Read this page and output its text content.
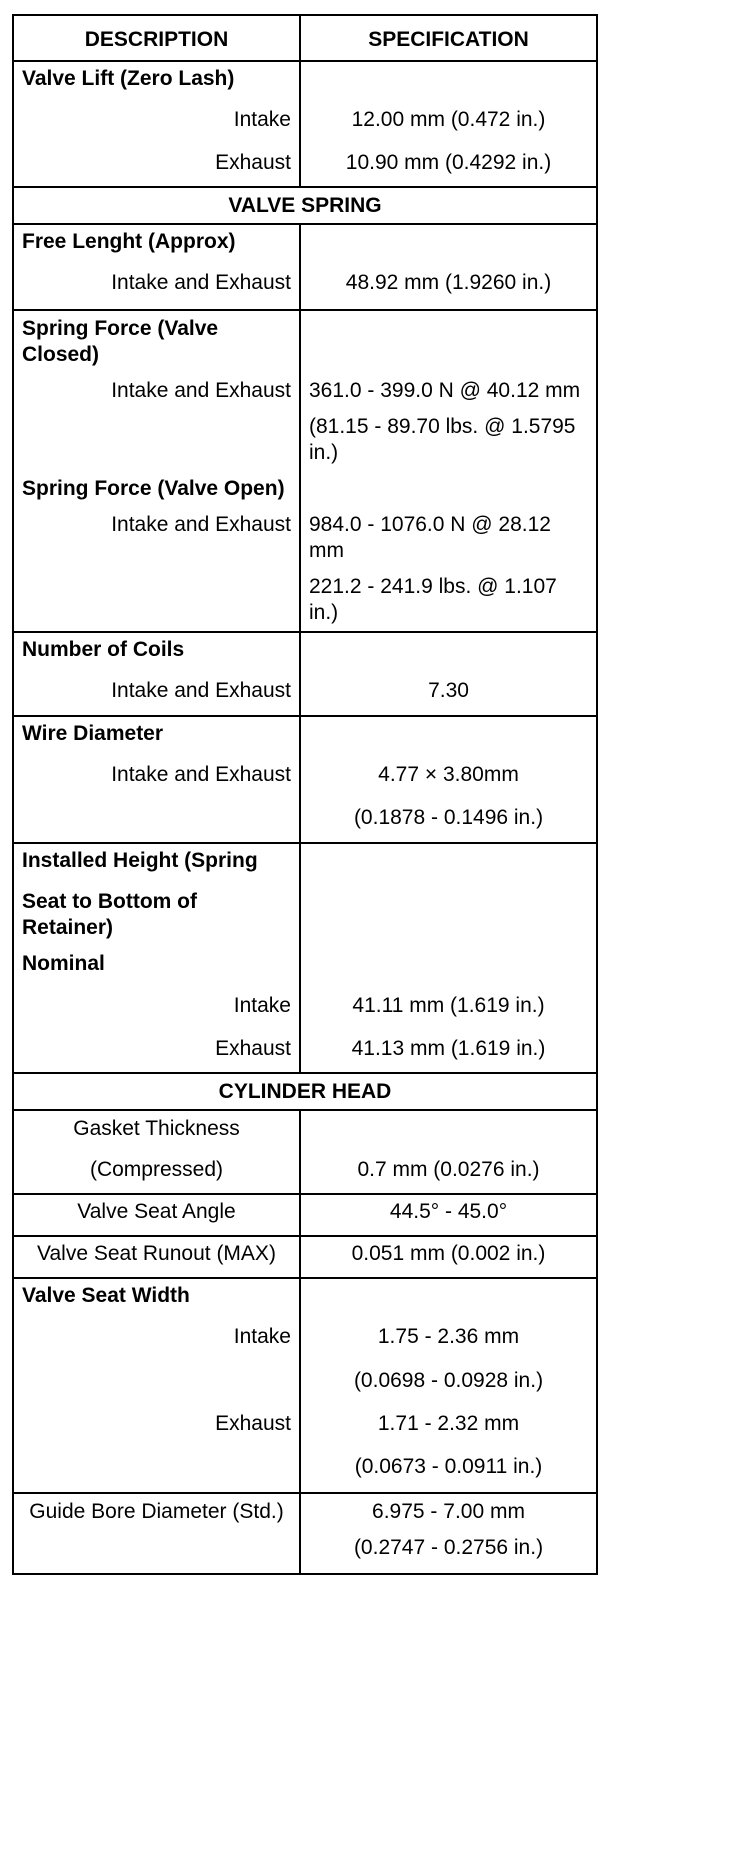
DESCRIPTION	SPECIFICATION
Valve Lift (Zero Lash)	
Intake	12.00 mm (0.472 in.)
Exhaust	10.90 mm (0.4292 in.)
VALVE SPRING	
Free Lenght (Approx)	
Intake and Exhaust	48.92 mm (1.9260 in.)
Spring Force (Valve Closed)	
Intake and Exhaust	361.0 - 399.0 N @ 40.12 mm
	(81.15 - 89.70 lbs. @ 1.5795 in.)
Spring Force (Valve Open)	
Intake and Exhaust	984.0 - 1076.0 N @ 28.12 mm
	221.2 - 241.9 lbs. @ 1.107 in.)
Number of Coils	
Intake and Exhaust	7.30
Wire Diameter	
Intake and Exhaust	4.77 × 3.80mm
	(0.1878 - 0.1496 in.)
Installed Height (Spring	
Seat to Bottom of Retainer)	
Nominal	
Intake	41.11 mm (1.619 in.)
Exhaust	41.13 mm (1.619 in.)
CYLINDER HEAD	
Gasket Thickness	
(Compressed)	0.7 mm (0.0276 in.)
Valve Seat Angle	44.5° - 45.0°
Valve Seat Runout (MAX)	0.051 mm (0.002 in.)
Valve Seat Width	
Intake	1.75 - 2.36 mm
	(0.0698 - 0.0928 in.)
Exhaust	1.71 - 2.32 mm
	(0.0673 - 0.0911 in.)
Guide Bore Diameter (Std.)	6.975 - 7.00 mm
	(0.2747 - 0.2756 in.)
